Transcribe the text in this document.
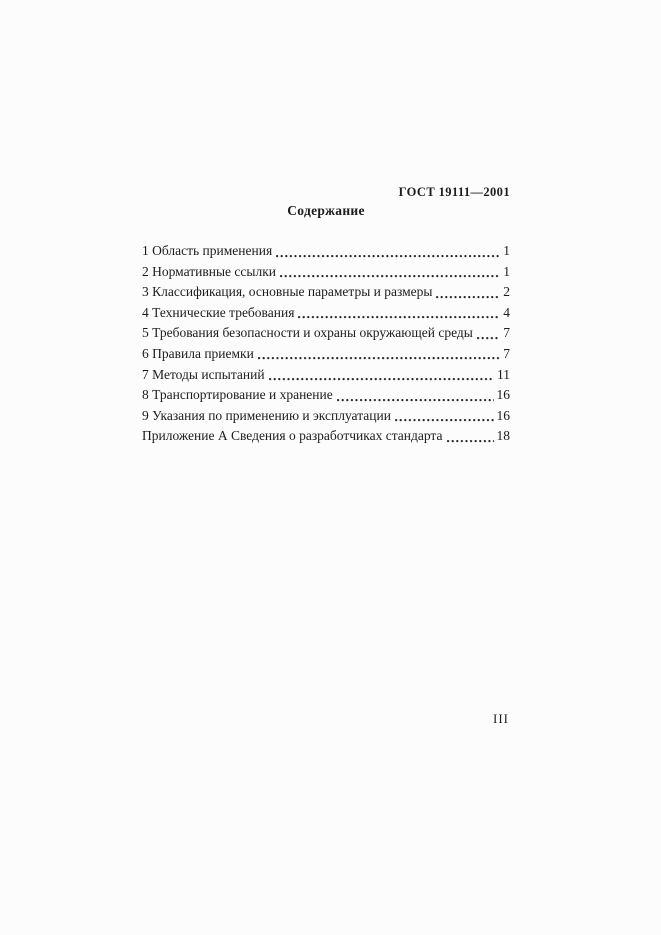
ГОСТ 19111—2001
Содержание
1 Область применения	1
2 Нормативные ссылки	1
3 Классификация, основные параметры и размеры	2
4 Технические требования	4
5 Требования безопасности и охраны окружающей среды 7
6 Правила приемки	7
7 Методы испытаний	11
8 Транспортирование и хранение	16
9 Указания по применению и эксплуатации	16
Приложение А Сведения о разработчиках стандарта	18
III
